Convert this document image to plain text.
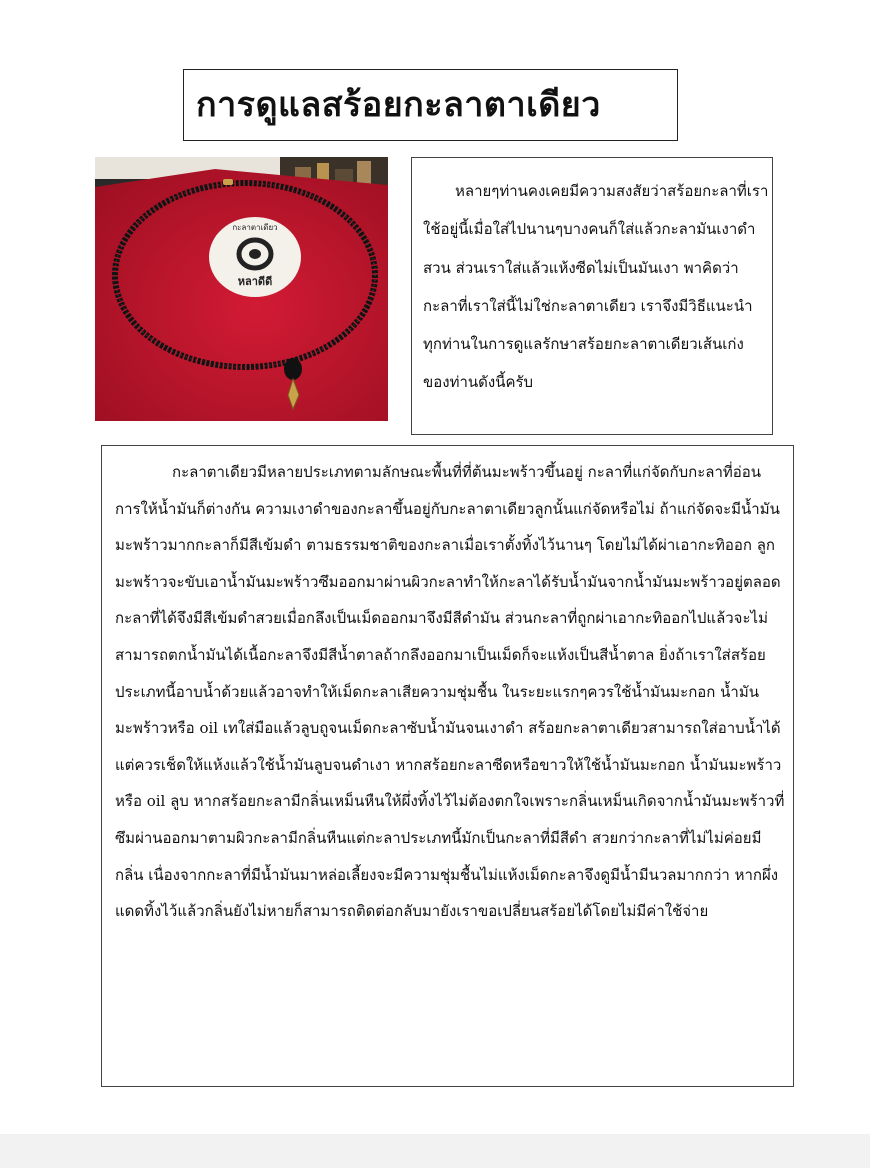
การดูแลสร้อยกะลาตาเดียว
กะลาตาเดียว
หลาดีดี

หลายๆท่านคงเคยมีความสงสัยว่าสร้อยกะลาที่เราใช้อยู่นี้เมื่อใส่ไปนานๆบางคนก็ใส่แล้วกะลามันเงาดำสวน ส่วนเราใส่แล้วแห้งซีดไม่เป็นมันเงา พาคิดว่ากะลาที่เราใส่นี้ไม่ใช่กะลาตาเดียว เราจึงมีวิธีแนะนำทุกท่านในการดูแลรักษาสร้อยกะลาตาเดียวเส้นเก่งของท่านดังนี้ครับ

กะลาตาเดียวมีหลายประเภทตามลักษณะพื้นที่ที่ต้นมะพร้าวขึ้นอยู่ กะลาที่แก่จัดกับกะลาที่อ่อนการให้น้ำมันก็ต่างกัน ความเงาดำของกะลาขึ้นอยู่กับกะลาตาเดียวลูกนั้นแก่จัดหรือไม่ ถ้าแก่จัดจะมีน้ำมันมะพร้าวมากกะลาก็มีสีเข้มดำ ตามธรรมชาติของกะลาเมื่อเราตั้งทิ้งไว้นานๆ โดยไม่ได้ผ่าเอากะทิออก ลูกมะพร้าวจะขับเอาน้ำมันมะพร้าวซึมออกมาผ่านผิวกะลาทำให้กะลาได้รับน้ำมันจากน้ำมันมะพร้าวอยู่ตลอดกะลาที่ได้จึงมีสีเข้มดำสวยเมื่อกลึงเป็นเม็ดออกมาจึงมีสีดำมัน ส่วนกะลาที่ถูกผ่าเอากะทิออกไปแล้วจะไม่สามารถตกน้ำมันได้เนื้อกะลาจึงมีสีน้ำตาลถ้ากลึงออกมาเป็นเม็ดก็จะแห้งเป็นสีน้ำตาล ยิ่งถ้าเราใส่สร้อยประเภทนี้อาบน้ำด้วยแล้วอาจทำให้เม็ดกะลาเสียความชุ่มชื้น ในระยะแรกๆควรใช้น้ำมันมะกอก น้ำมันมะพร้าวหรือ oil เทใส่มือแล้วลูบถูจนเม็ดกะลาซับน้ำมันจนเงาดำ สร้อยกะลาตาเดียวสามารถใส่อาบน้ำได้แต่ควรเช็ดให้แห้งแล้วใช้น้ำมันลูบจนดำเงา หากสร้อยกะลาซีดหรือขาวให้ใช้น้ำมันมะกอก น้ำมันมะพร้าวหรือ oil ลูบ หากสร้อยกะลามีกลิ่นเหม็นหืนให้ผึ่งทิ้งไว้ไม่ต้องตกใจเพราะกลิ่นเหม็นเกิดจากน้ำมันมะพร้าวที่ซึมผ่านออกมาตามผิวกะลามีกลิ่นหืนแต่กะลาประเภทนี้มักเป็นกะลาที่มีสีดำ สวยกว่ากะลาที่ไม่ไม่ค่อยมีกลิ่น เนื่องจากกะลาที่มีน้ำมันมาหล่อเลี้ยงจะมีความชุ่มชื้นไม่แห้งเม็ดกะลาจึงดูมีน้ำมีนวลมากกว่า หากผึ่งแดดทิ้งไว้แล้วกลิ่นยังไม่หายก็สามารถติดต่อกลับมายังเราขอเปลี่ยนสร้อยได้โดยไม่มีค่าใช้จ่าย
